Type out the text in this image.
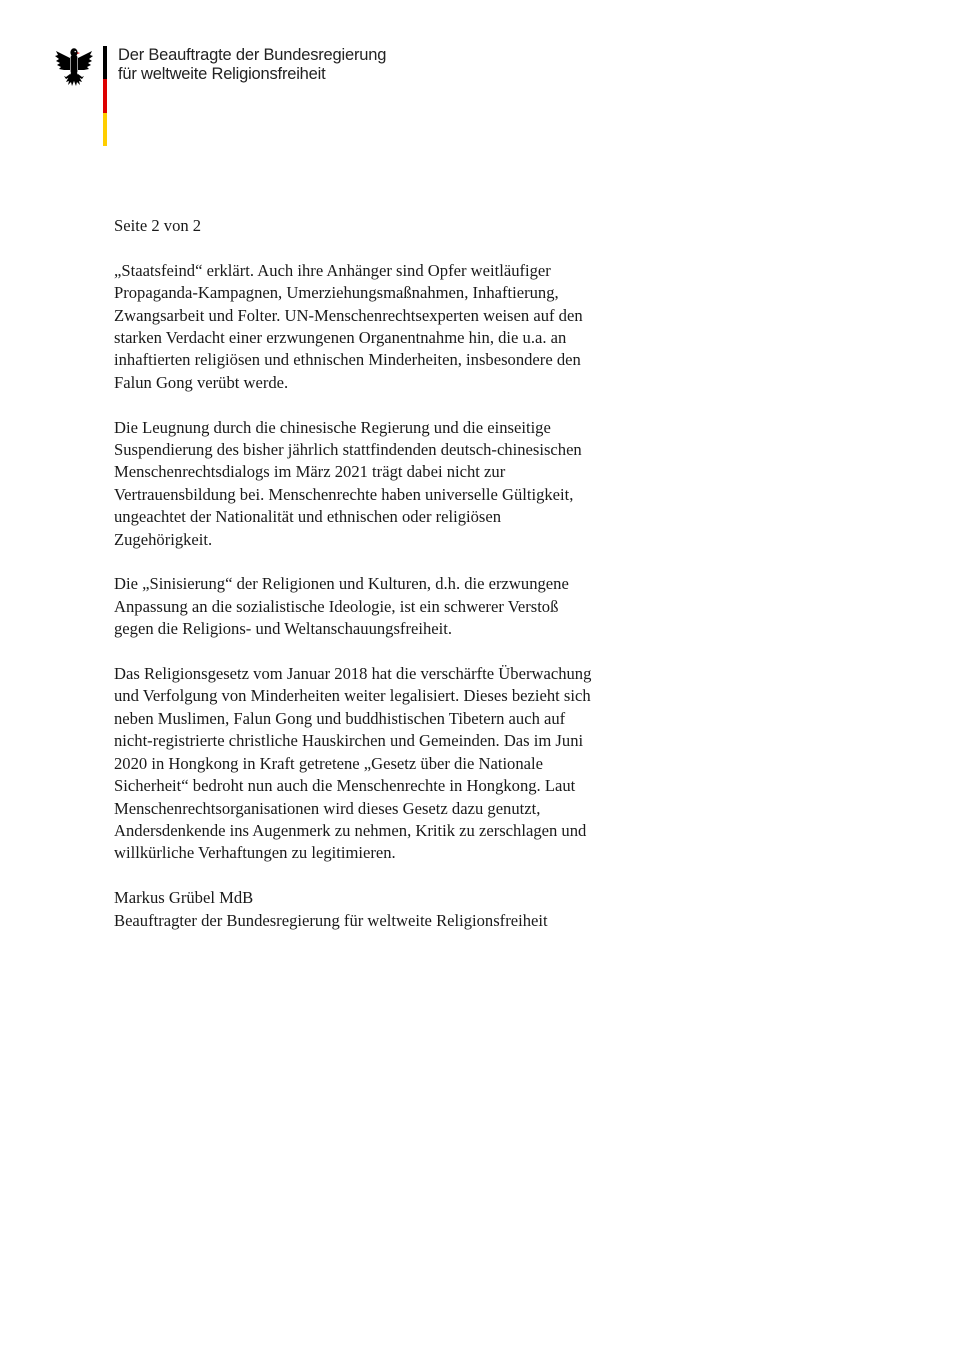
Der Beauftragte der Bundesregierung
für weltweite Religionsfreiheit
Seite 2 von 2

„Staatsfeind“ erklärt. Auch ihre Anhänger sind Opfer weitläufiger
Propaganda-Kampagnen, Umerziehungsmaßnahmen, Inhaftierung,
Zwangsarbeit und Folter. UN-Menschenrechtsexperten weisen auf den
starken Verdacht einer erzwungenen Organentnahme hin, die u.a. an
inhaftierten religiösen und ethnischen Minderheiten, insbesondere den
Falun Gong verübt werde.

Die Leugnung durch die chinesische Regierung und die einseitige
Suspendierung des bisher jährlich stattfindenden deutsch-chinesischen
Menschenrechtsdialogs im März 2021 trägt dabei nicht zur
Vertrauensbildung bei. Menschenrechte haben universelle Gültigkeit,
ungeachtet der Nationalität und ethnischen oder religiösen
Zugehörigkeit.

Die „Sinisierung“ der Religionen und Kulturen, d.h. die erzwungene
Anpassung an die sozialistische Ideologie, ist ein schwerer Verstoß
gegen die Religions- und Weltanschauungsfreiheit.

Das Religionsgesetz vom Januar 2018 hat die verschärfte Überwachung
und Verfolgung von Minderheiten weiter legalisiert. Dieses bezieht sich
neben Muslimen, Falun Gong und buddhistischen Tibetern auch auf
nicht-registrierte christliche Hauskirchen und Gemeinden. Das im Juni
2020 in Hongkong in Kraft getretene „Gesetz über die Nationale
Sicherheit“ bedroht nun auch die Menschenrechte in Hongkong. Laut
Menschenrechtsorganisationen wird dieses Gesetz dazu genutzt,
Andersdenkende ins Augenmerk zu nehmen, Kritik zu zerschlagen und
willkürliche Verhaftungen zu legitimieren.

Markus Grübel MdB
Beauftragter der Bundesregierung für weltweite Religionsfreiheit
